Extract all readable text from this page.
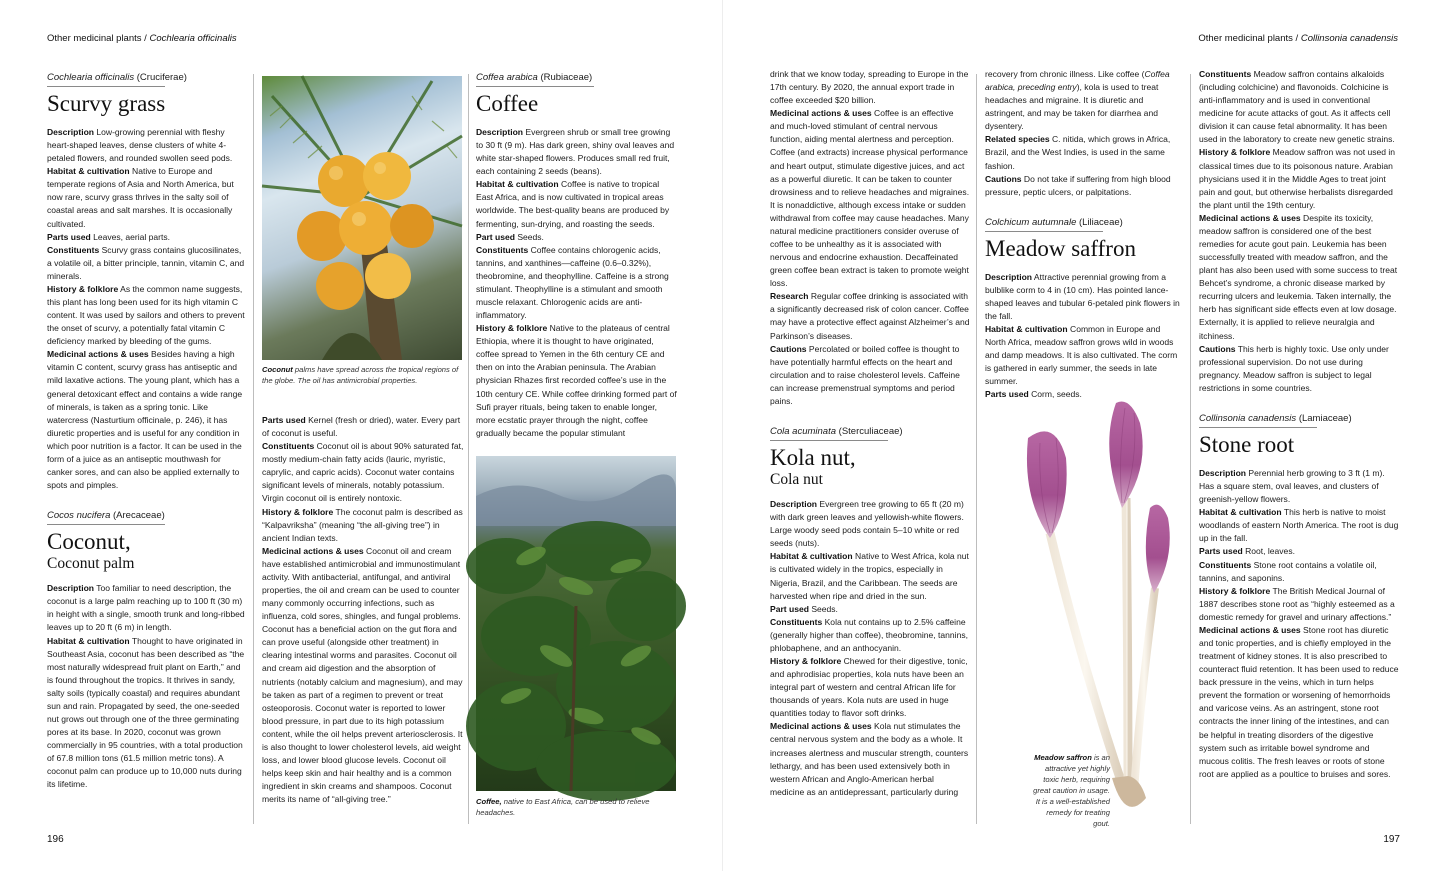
Other medicinal plants / Cochlearia officinalis	Other medicinal plants / Collinsonia canadensis
Cochlearia officinalis (Cruciferae)
Scurvy grass

Description Low-growing perennial with fleshy heart-shaped leaves, dense clusters of white 4-petaled flowers, and rounded swollen seed pods.

Habitat & cultivation Native to Europe and temperate regions of Asia and North America, but now rare, scurvy grass thrives in the salty soil of coastal areas and salt marshes. It is occasionally cultivated.

Parts used Leaves, aerial parts.

Constituents Scurvy grass contains glucosilinates, a volatile oil, a bitter principle, tannin, vitamin C, and minerals.

History & folklore As the common name suggests, this plant has long been used for its high vitamin C content. It was used by sailors and others to prevent the onset of scurvy, a potentially fatal vitamin C deficiency marked by bleeding of the gums.

Medicinal actions & uses Besides having a high vitamin C content, scurvy grass has antiseptic and mild laxative actions. The young plant, which has a general detoxicant effect and contains a wide range of minerals, is taken as a spring tonic. Like watercress (Nasturtium officinale, p. 246), it has diuretic properties and is useful for any condition in which poor nutrition is a factor. It can be used in the form of a juice as an antiseptic mouthwash for canker sores, and can also be applied externally to spots and pimples.

Cocos nucifera (Arecaceae)
Coconut,
Coconut palm

Description Too familiar to need description, the coconut is a large palm reaching up to 100 ft (30 m) in height with a single, smooth trunk and long-ribbed leaves up to 20 ft (6 m) in length.

Habitat & cultivation Thought to have originated in Southeast Asia, coconut has been described as “the most naturally widespread fruit plant on Earth,” and is found throughout the tropics. It thrives in sandy, salty soils (typically coastal) and requires abundant sun and rain. Propagated by seed, the one-seeded nut grows out through one of the three germinating pores at its base. In 2020, coconut was grown commercially in 95 countries, with a total production of 67.8 million tons (61.5 million metric tons). A coconut palm can produce up to 10,000 nuts during its lifetime.

Coconut palms have spread across the tropical regions of the globe. The oil has antimicrobial properties.

Parts used Kernel (fresh or dried), water. Every part of coconut is useful.

Constituents Coconut oil is about 90% saturated fat, mostly medium-chain fatty acids (lauric, myristic, caprylic, and capric acids). Coconut water contains significant levels of minerals, notably potassium. Virgin coconut oil is entirely nontoxic.

History & folklore The coconut palm is described as “Kalpavriksha” (meaning “the all-giving tree”) in ancient Indian texts.

Medicinal actions & uses Coconut oil and cream have established antimicrobial and immunostimulant activity. With antibacterial, antifungal, and antiviral properties, the oil and cream can be used to counter many commonly occurring infections, such as influenza, cold sores, shingles, and fungal problems. Coconut has a beneficial action on the gut flora and can prove useful (alongside other treatment) in clearing intestinal worms and parasites. Coconut oil and cream aid digestion and the absorption of nutrients (notably calcium and magnesium), and may be taken as part of a regimen to prevent or treat osteoporosis. Coconut water is reported to lower blood pressure, in part due to its high potassium content, while the oil helps prevent arteriosclerosis. It is also thought to lower cholesterol levels, aid weight loss, and lower blood glucose levels. Coconut oil helps keep skin and hair healthy and is a common ingredient in skin creams and shampoos. Coconut merits its name of “all-giving tree.”

Coffea arabica (Rubiaceae)
Coffee

Description Evergreen shrub or small tree growing to 30 ft (9 m). Has dark green, shiny oval leaves and white star-shaped flowers. Produces small red fruit, each containing 2 seeds (beans).

Habitat & cultivation Coffee is native to tropical East Africa, and is now cultivated in tropical areas worldwide. The best-quality beans are produced by fermenting, sun-drying, and roasting the seeds.

Part used Seeds.

Constituents Coffee contains chlorogenic acids, tannins, and xanthines—caffeine (0.6–0.32%), theobromine, and theophylline. Caffeine is a strong stimulant. Theophylline is a stimulant and smooth muscle relaxant. Chlorogenic acids are anti-inflammatory.

History & folklore Native to the plateaus of central Ethiopia, where it is thought to have originated, coffee spread to Yemen in the 6th century CE and then on into the Arabian peninsula. The Arabian physician Rhazes first recorded coffee’s use in the 10th century CE. While coffee drinking formed part of Sufi prayer rituals, being taken to enable longer, more ecstatic prayer through the night, coffee gradually became the popular stimulant

Coffee, native to East Africa, can be used to relieve headaches.

drink that we know today, spreading to Europe in the 17th century. By 2020, the annual export trade in coffee exceeded $20 billion.

Medicinal actions & uses Coffee is an effective and much-loved stimulant of central nervous function, aiding mental alertness and perception. Coffee (and extracts) increase physical performance and heart output, stimulate digestive juices, and act as a powerful diuretic. It can be taken to counter drowsiness and to relieve headaches and migraines. It is nonaddictive, although excess intake or sudden withdrawal from coffee may cause headaches. Many natural medicine practitioners consider overuse of coffee to be unhealthy as it is associated with nervous and endocrine exhaustion. Decaffeinated green coffee bean extract is taken to promote weight loss.

Research Regular coffee drinking is associated with a significantly decreased risk of colon cancer. Coffee may have a protective effect against Alzheimer’s and Parkinson’s diseases.

Cautions Percolated or boiled coffee is thought to have potentially harmful effects on the heart and circulation and to raise cholesterol levels. Caffeine can increase premenstrual symptoms and period pains.

Cola acuminata (Sterculiaceae)
Kola nut,
Cola nut

Description Evergreen tree growing to 65 ft (20 m) with dark green leaves and yellowish-white flowers. Large woody seed pods contain 5–10 white or red seeds (nuts).

Habitat & cultivation Native to West Africa, kola nut is cultivated widely in the tropics, especially in Nigeria, Brazil, and the Caribbean. The seeds are harvested when ripe and dried in the sun.

Part used Seeds.

Constituents Kola nut contains up to 2.5% caffeine (generally higher than coffee), theobromine, tannins, phlobaphene, and an anthocyanin.

History & folklore Chewed for their digestive, tonic, and aphrodisiac properties, kola nuts have been an integral part of western and central African life for thousands of years. Kola nuts are used in huge quantities today to flavor soft drinks.

Medicinal actions & uses Kola nut stimulates the central nervous system and the body as a whole. It increases alertness and muscular strength, counters lethargy, and has been used extensively both in western African and Anglo-American herbal medicine as an antidepressant, particularly during

recovery from chronic illness. Like coffee (Coffea arabica, preceding entry), kola is used to treat headaches and migraine. It is diuretic and astringent, and may be taken for diarrhea and dysentery.

Related species C. nitida, which grows in Africa, Brazil, and the West Indies, is used in the same fashion.

Cautions Do not take if suffering from high blood pressure, peptic ulcers, or palpitations.

Colchicum autumnale (Liliaceae)
Meadow saffron

Description Attractive perennial growing from a bulblike corm to 4 in (10 cm). Has pointed lance-shaped leaves and tubular 6-petaled pink flowers in the fall.

Habitat & cultivation Common in Europe and North Africa, meadow saffron grows wild in woods and damp meadows. It is also cultivated. The corm is gathered in early summer, the seeds in late summer.

Parts used Corm, seeds.

Meadow saffron is an attractive yet highly toxic herb, requiring great caution in usage. It is a well-established remedy for treating gout.

Constituents Meadow saffron contains alkaloids (including colchicine) and flavonoids. Colchicine is anti-inflammatory and is used in conventional medicine for acute attacks of gout. As it affects cell division it can cause fetal abnormality. It has been used in the laboratory to create new genetic strains.

History & folklore Meadow saffron was not used in classical times due to its poisonous nature. Arabian physicians used it in the Middle Ages to treat joint pain and gout, but otherwise herbalists disregarded the plant until the 19th century.

Medicinal actions & uses Despite its toxicity, meadow saffron is considered one of the best remedies for acute gout pain. Leukemia has been successfully treated with meadow saffron, and the plant has also been used with some success to treat Behcet’s syndrome, a chronic disease marked by recurring ulcers and leukemia. Taken internally, the herb has significant side effects even at low dosage. Externally, it is applied to relieve neuralgia and itchiness.

Cautions This herb is highly toxic. Use only under professional supervision. Do not use during pregnancy. Meadow saffron is subject to legal restrictions in some countries.

Collinsonia canadensis (Lamiaceae)
Stone root

Description Perennial herb growing to 3 ft (1 m). Has a square stem, oval leaves, and clusters of greenish-yellow flowers.

Habitat & cultivation This herb is native to moist woodlands of eastern North America. The root is dug up in the fall.

Parts used Root, leaves.

Constituents Stone root contains a volatile oil, tannins, and saponins.

History & folklore The British Medical Journal of 1887 describes stone root as “highly esteemed as a domestic remedy for gravel and urinary affections.”

Medicinal actions & uses Stone root has diuretic and tonic properties, and is chiefly employed in the treatment of kidney stones. It is also prescribed to counteract fluid retention. It has been used to reduce back pressure in the veins, which in turn helps prevent the formation or worsening of hemorrhoids and varicose veins. As an astringent, stone root contracts the inner lining of the intestines, and can be helpful in treating disorders of the digestive system such as irritable bowel syndrome and mucous colitis. The fresh leaves or roots of stone root are applied as a poultice to bruises and sores.

196	197
